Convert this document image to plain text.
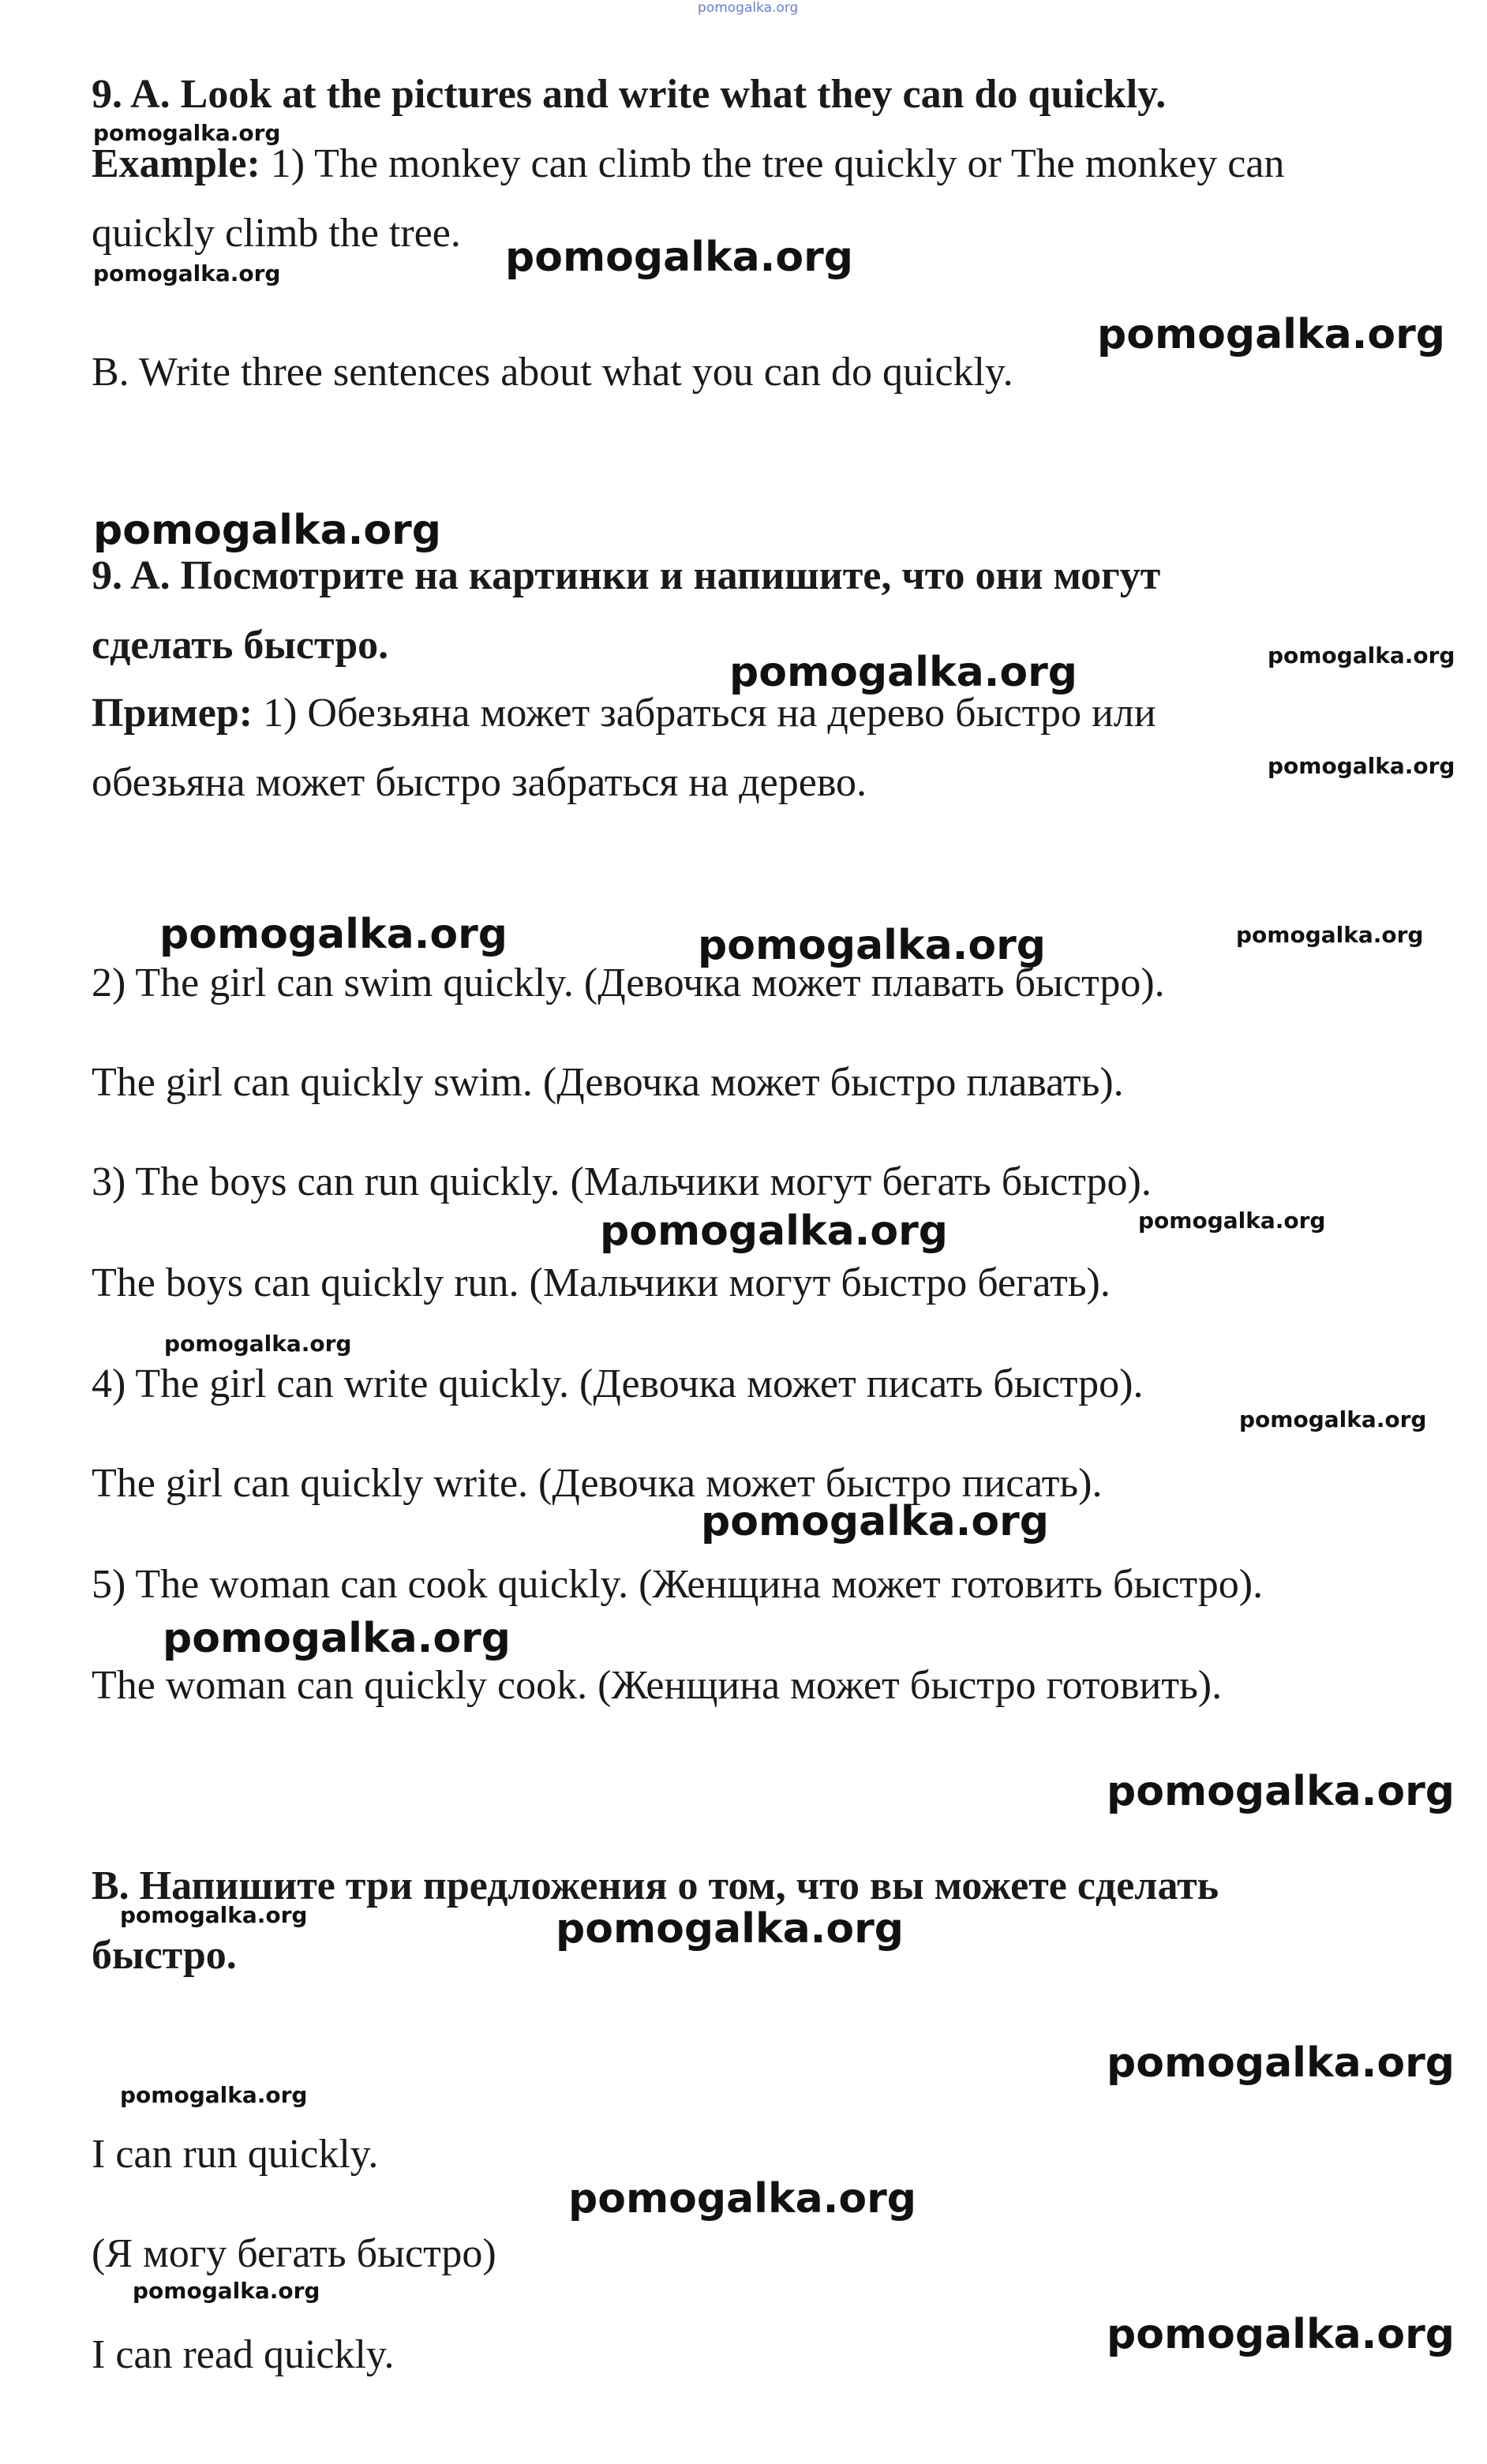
pomogalka.org

9. A. Look at the pictures and write what they can do quickly.

pomogalka.org

Example: 1) The monkey can climb the tree quickly or The monkey can

quickly climb the tree.

pomogalka.org
pomogalka.org
pomogalka.org

B. Write three sentences about what you can do quickly.

pomogalka.org

9. A. Посмотрите на картинки и напишите, что они могут

сделать быстро.

pomogalka.org	pomogalka.org

Пример: 1) Обезьяна может забраться на дерево быстро или

pomogalka.org

обезьяна может быстро забраться на дерево.

pomogalka.org	pomogalka.org	pomogalka.org

2) The girl can swim quickly. (Девочка может плавать быстро).

The girl can quickly swim. (Девочка может быстро плавать).

3) The boys can run quickly. (Мальчики могут бегать быстро).

pomogalka.org	pomogalka.org

The boys can quickly run. (Мальчики могут быстро бегать).

pomogalka.org

4) The girl can write quickly. (Девочка может писать быстро).

pomogalka.org

The girl can quickly write. (Девочка может быстро писать).

pomogalka.org

5) The woman can cook quickly. (Женщина может готовить быстро).

pomogalka.org

The woman can quickly cook. (Женщина может быстро готовить).

pomogalka.org

B. Напишите три предложения о том, что вы можете сделать

pomogalka.org	pomogalka.org

быстро.

pomogalka.org
pomogalka.org

I can run quickly.

pomogalka.org

(Я могу бегать быстро)

pomogalka.org
pomogalka.org

I can read quickly.
